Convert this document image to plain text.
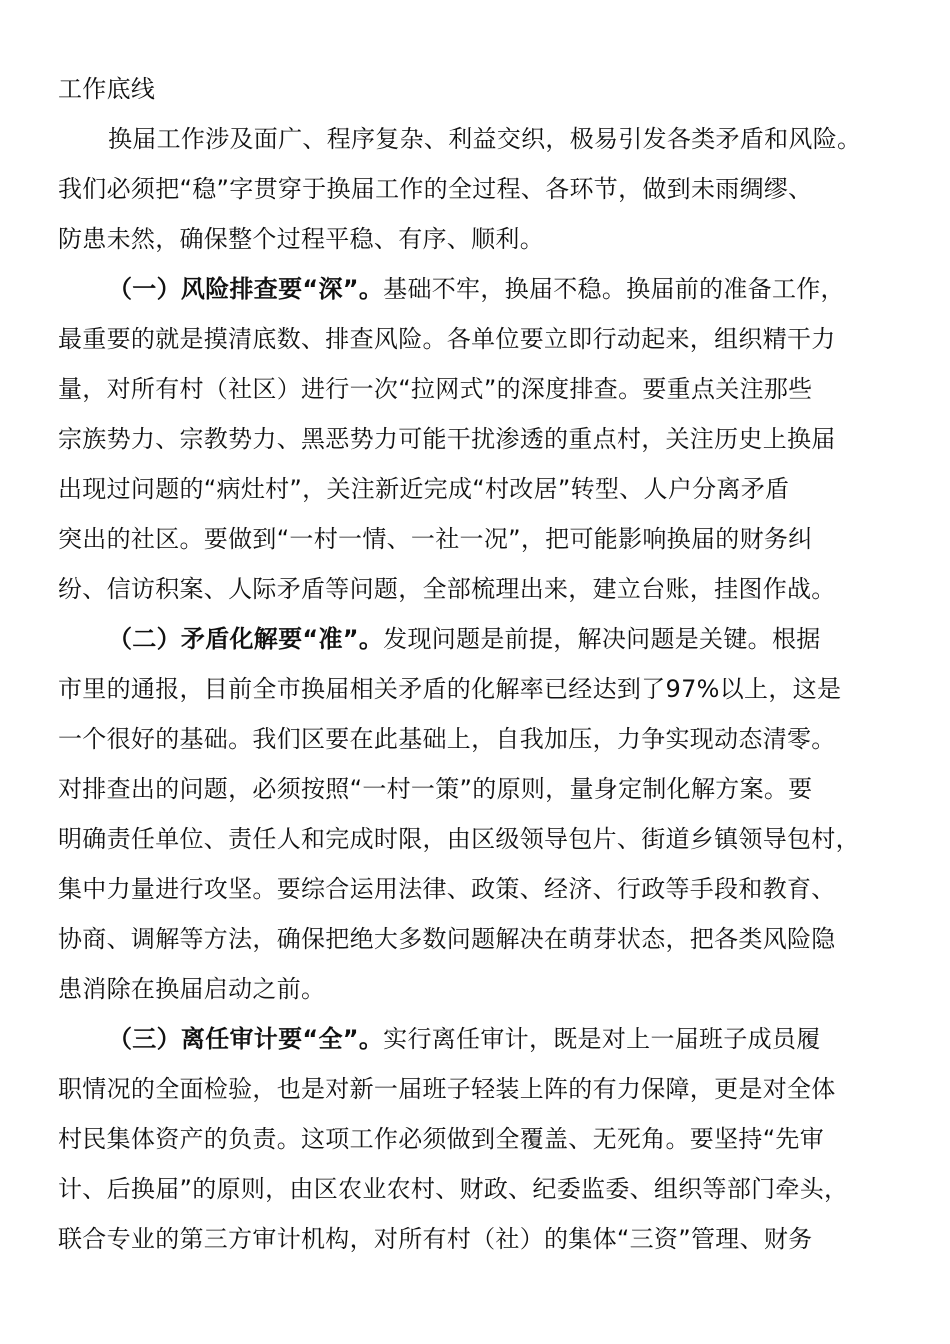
工作底线
换届工作涉及面广、程序复杂、利益交织，极易引发各类矛盾和风险。
我们必须把“稳”字贯穿于换届工作的全过程、各环节，做到未雨绸缪、
防患未然，确保整个过程平稳、有序、顺利。
（一）风险排查要“深”。基础不牢，换届不稳。换届前的准备工作，
最重要的就是摸清底数、排查风险。各单位要立即行动起来，组织精干力
量，对所有村（社区）进行一次“拉网式”的深度排查。要重点关注那些
宗族势力、宗教势力、黑恶势力可能干扰渗透的重点村，关注历史上换届
出现过问题的“病灶村”，关注新近完成“村改居”转型、人户分离矛盾
突出的社区。要做到“一村一情、一社一况”，把可能影响换届的财务纠
纷、信访积案、人际矛盾等问题，全部梳理出来，建立台账，挂图作战。
（二）矛盾化解要“准”。发现问题是前提，解决问题是关键。根据
市里的通报，目前全市换届相关矛盾的化解率已经达到了97%以上，这是
一个很好的基础。我们区要在此基础上，自我加压，力争实现动态清零。
对排查出的问题，必须按照“一村一策”的原则，量身定制化解方案。要
明确责任单位、责任人和完成时限，由区级领导包片、街道乡镇领导包村，
集中力量进行攻坚。要综合运用法律、政策、经济、行政等手段和教育、
协商、调解等方法，确保把绝大多数问题解决在萌芽状态，把各类风险隐
患消除在换届启动之前。
（三）离任审计要“全”。实行离任审计，既是对上一届班子成员履
职情况的全面检验，也是对新一届班子轻装上阵的有力保障，更是对全体
村民集体资产的负责。这项工作必须做到全覆盖、无死角。要坚持“先审
计、后换届”的原则，由区农业农村、财政、纪委监委、组织等部门牵头，
联合专业的第三方审计机构，对所有村（社）的集体“三资”管理、财务
